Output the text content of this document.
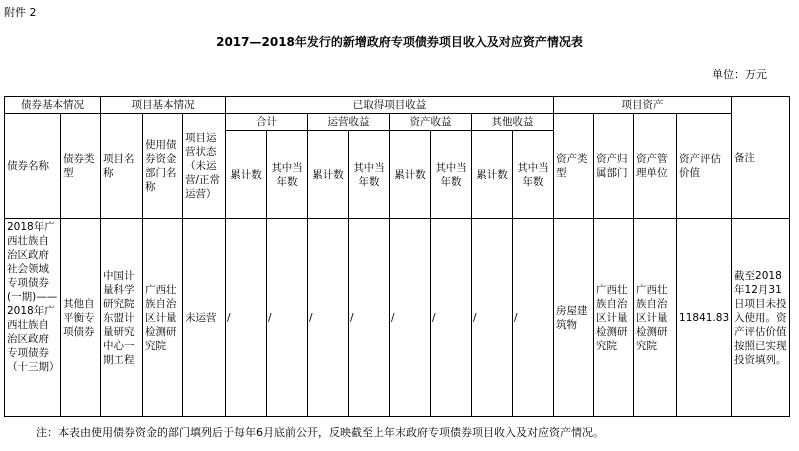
附件 2
2017—2018年发行的新增政府专项债券项目收入及对应资产情况表
单位：万元
债券基本情况		项目基本情况			已取得项目收益								项目资产				备注
债券名称	债券类型	项目名称	使用债券资金部门名称	项目运营状态（未运营/正常运营）	合计		运营收益		资产收益		其他收益		资产类型	资产归属部门	资产管理单位	资产评估价值	
					累计数	其中当年数	累计数	其中当年数	累计数	其中当年数	累计数	其中当年数					
2018年广西壮族自治区政府社会领域专项债券(一期)——2018年广西壮族自治区政府专项债券（十三期）	其他自平衡专项债券	中国计量科学研究院东盟计量研究中心一期工程	广西壮族自治区计量检测研究院	未运营	/	/	/	/	/	/	/	/	房屋建筑物	广西壮族自治区计量检测研究院	广西壮族自治区计量检测研究院	11841.83	截至2018年12月31日项目未投入使用。资产评估价值按照已实现投资填列。
注：本表由使用债券资金的部门填列后于每年6月底前公开，反映截至上年末政府专项债券项目收入及对应资产情况。
